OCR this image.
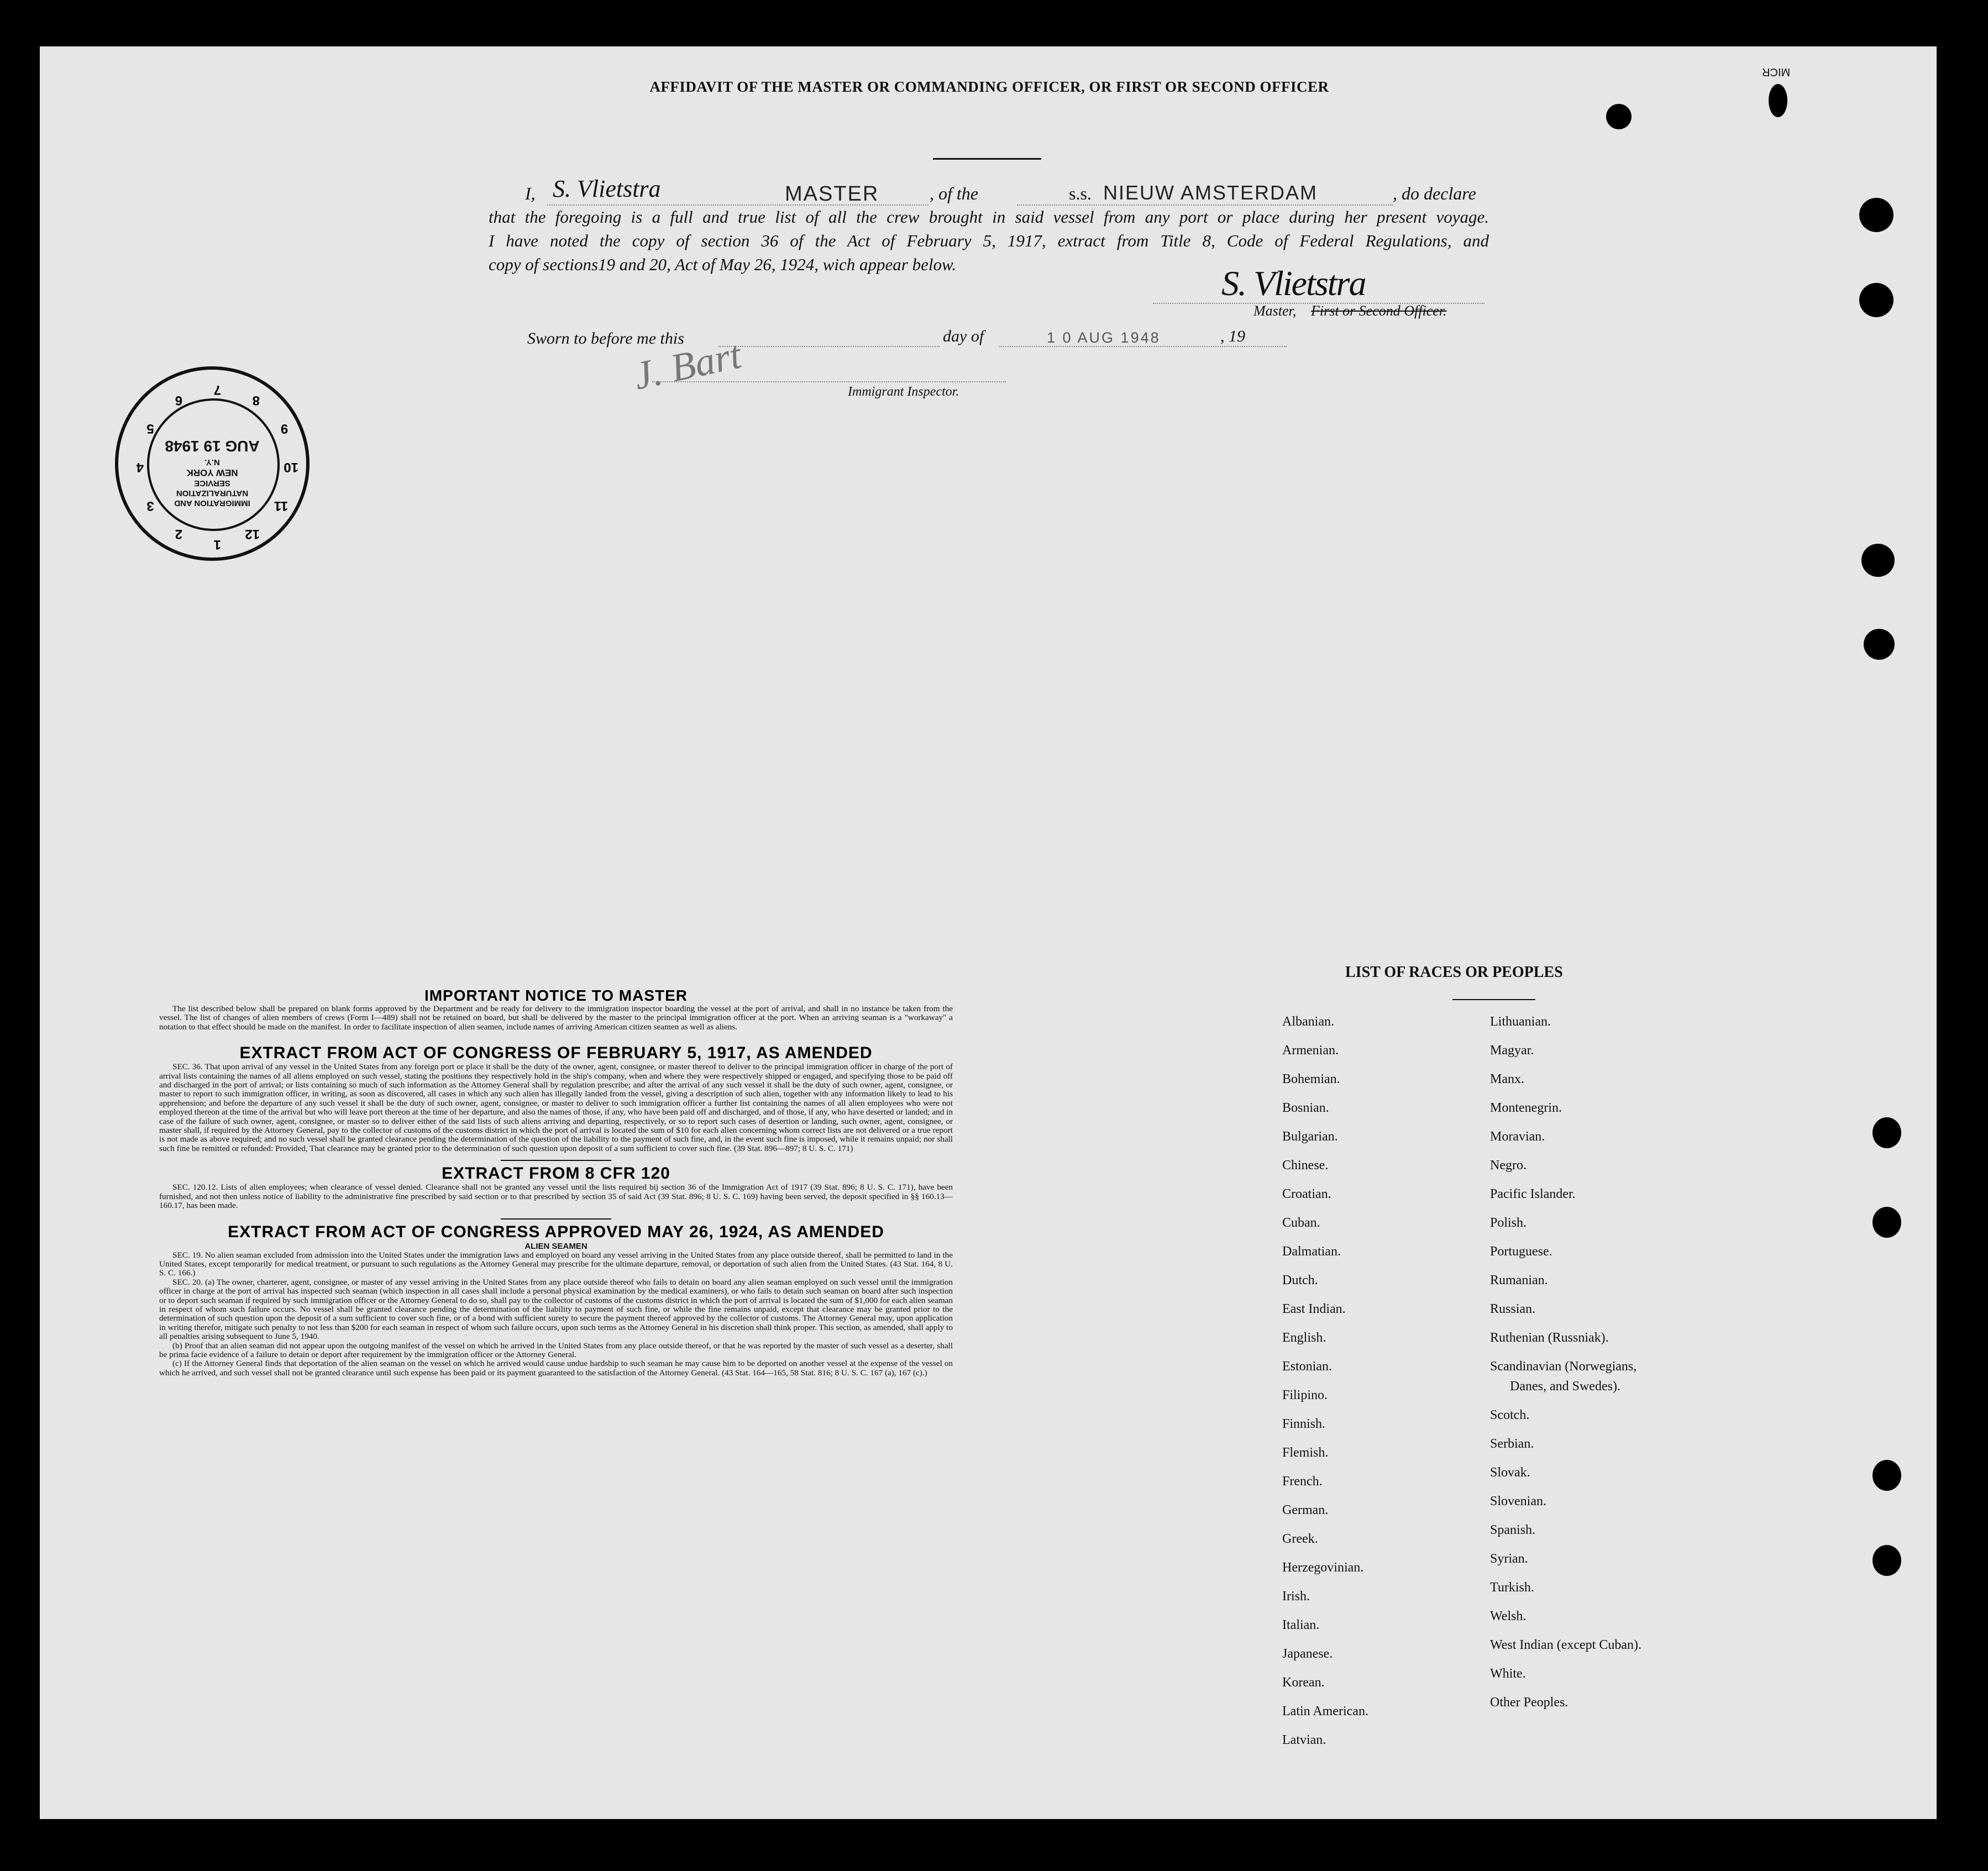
MICR
AFFIDAVIT OF THE MASTER OR COMMANDING OFFICER, OR FIRST OR SECOND OFFICER
I, S. Vlietstra	MASTER	, of the	s.s. NIEUW AMSTERDAM	, do declare
that the foregoing is a full and true list of all the crew brought in said vessel from any port or place during her present voyage.
I have noted the copy of section 36 of the Act of February 5, 1917, extract from Title 8, Code of Federal Regulations, and
copy of sections19 and 20, Act of May 26, 1924, wich appear below.	S. Vlietstra
Master, First or Second Officer.
Sworn to before me this	day of	1 0 AUG 1948	, 19
J. Bart	Immigrant Inspector.
IMMIGRATION AND
NATURALIZATION
SERVICE
NEW YORK
N.Y.
AUG 19 1948
1
2
3
4
5
6
7
8
9
10
11
12
IMPORTANT NOTICE TO MASTER

The list described below shall be prepared on blank forms approved by the Department and be ready for delivery to the immigration inspector boarding the vessel at the port of arrival, and shall in no instance be taken from the vessel. The list of changes of alien members of crews (Form I—489) shall not be retained on board, but shall be delivered by the master to the principal immigration officer at the port. When an arriving seaman is a "workaway" a notation to that effect should be made on the manifest. In order to facilitate inspection of alien seamen, include names of arriving American citizen seamen as well as aliens.

EXTRACT FROM ACT OF CONGRESS OF FEBRUARY 5, 1917, AS AMENDED

SEC. 36. That upon arrival of any vessel in the United States from any foreign port or place it shall be the duty of the owner, agent, consignee, or master thereof to deliver to the principal immigration officer in charge of the port of arrival lists containing the names of all aliens employed on such vessel, stating the positions they respectively hold in the ship's company, when and where they were respectively shipped or engaged, and specifying those to be paid off and discharged in the port of arrival; or lists containing so much of such information as the Attorney General shall by regulation prescribe; and after the arrival of any such vessel it shall be the duty of such owner, agent, consignee, or master to report to such immigration officer, in writing, as soon as discovered, all cases in which any such alien has illegally landed from the vessel, giving a description of such alien, together with any information likely to lead to his apprehension; and before the departure of any such vessel it shall be the duty of such owner, agent, consignee, or master to deliver to such immigration officer a further list containing the names of all alien employees who were not employed thereon at the time of the arrival but who will leave port thereon at the time of her departure, and also the names of those, if any, who have been paid off and discharged, and of those, if any, who have deserted or landed; and in case of the failure of such owner, agent, consignee, or master so to deliver either of the said lists of such aliens arriving and departing, respectively, or so to report such cases of desertion or landing, such owner, agent, consignee, or master shall, if required by the Attorney General, pay to the collector of customs of the customs district in which the port of arrival is located the sum of $10 for each alien concerning whom correct lists are not delivered or a true report is not made as above required; and no such vessel shall be granted clearance pending the determination of the question of the liability to the payment of such fine, and, in the event such fine is imposed, while it remains unpaid; nor shall such fine be remitted or refunded: Provided, That clearance may be granted prior to the determination of such question upon deposit of a sum sufficient to cover such fine. (39 Stat. 896—897; 8 U. S. C. 171)

EXTRACT FROM 8 CFR 120

SEC. 120.12. Lists of alien employees; when clearance of vessel denied. Clearance shall not be granted any vessel until the lists required bij section 36 of the Immigration Act of 1917 (39 Stat. 896; 8 U. S. C. 171), have been furnished, and not then unless notice of liability to the administrative fine prescribed by said section or to that prescribed by section 35 of said Act (39 Stat. 896; 8 U. S. C. 169) having been served, the deposit specified in §§ 160.13—160.17, has been made.

EXTRACT FROM ACT OF CONGRESS APPROVED MAY 26, 1924, AS AMENDED
ALIEN SEAMEN

SEC. 19. No alien seaman excluded from admission into the United States under the immigration laws and employed on board any vessel arriving in the United States from any place outside thereof, shall be permitted to land in the United States, except temporarily for medical treatment, or pursuant to such regulations as the Attorney General may prescribe for the ultimate departure, removal, or deportation of such alien from the United States. (43 Stat. 164, 8 U. S. C. 166.)

SEC. 20. (a) The owner, charterer, agent, consignee, or master of any vessel arriving in the United States from any place outside thereof who fails to detain on board any alien seaman employed on such vessel until the immigration officer in charge at the port of arrival has inspected such seaman (which inspection in all cases shall include a personal physical examination by the medical examiners), or who fails to detain such seaman on board after such inspection or to deport such seaman if required by such immigration officer or the Attorney General to do so, shall pay to the collector of customs of the customs district in which the port of arrival is located the sum of $1,000 for each alien seaman in respect of whom such failure occurs. No vessel shall be granted clearance pending the determination of the liability to payment of such fine, or while the fine remains unpaid, except that clearance may be granted prior to the determination of such question upon the deposit of a sum sufficient to cover such fine, or of a bond with sufficient surety to secure the payment thereof approved by the collector of customs. The Attorney General may, upon application in writing therefor, mitigate such penalty to not less than $200 for each seaman in respect of whom such failure occurs, upon such terms as the Attorney General in his discretion shall think proper. This section, as amended, shall apply to all penalties arising subsequent to June 5, 1940.

(b) Proof that an alien seaman did not appear upon the outgoing manifest of the vessel on which he arrived in the United States from any place outside thereof, or that he was reported by the master of such vessel as a deserter, shall be prima facie evidence of a failure to detain or deport after requirement by the immigration officer or the Attorney General.

(c) If the Attorney General finds that deportation of the alien seaman on the vessel on which he arrived would cause undue hardship to such seaman he may cause him to be deported on another vessel at the expense of the vessel on which he arrived, and such vessel shall not be granted clearance until such expense has been paid or its payment guaranteed to the satisfaction of the Attorney General. (43 Stat. 164—165, 58 Stat. 816; 8 U. S. C. 167 (a), 167 (c).)

LIST OF RACES OR PEOPLES
Albanian.
Armenian.
Bohemian.
Bosnian.
Bulgarian.
Chinese.
Croatian.
Cuban.
Dalmatian.
Dutch.
East Indian.
English.
Estonian.
Filipino.
Finnish.
Flemish.
French.
German.
Greek.
Herzegovinian.
Irish.
Italian.
Japanese.
Korean.
Latin American.
Latvian.
Lithuanian.
Magyar.
Manx.
Montenegrin.
Moravian.
Negro.
Pacific Islander.
Polish.
Portuguese.
Rumanian.
Russian.
Ruthenian (Russniak).
Scandinavian (Norwegians,
Danes, and Swedes).
Scotch.
Serbian.
Slovak.
Slovenian.
Spanish.
Syrian.
Turkish.
Welsh.
West Indian (except Cuban).
White.
Other Peoples.
